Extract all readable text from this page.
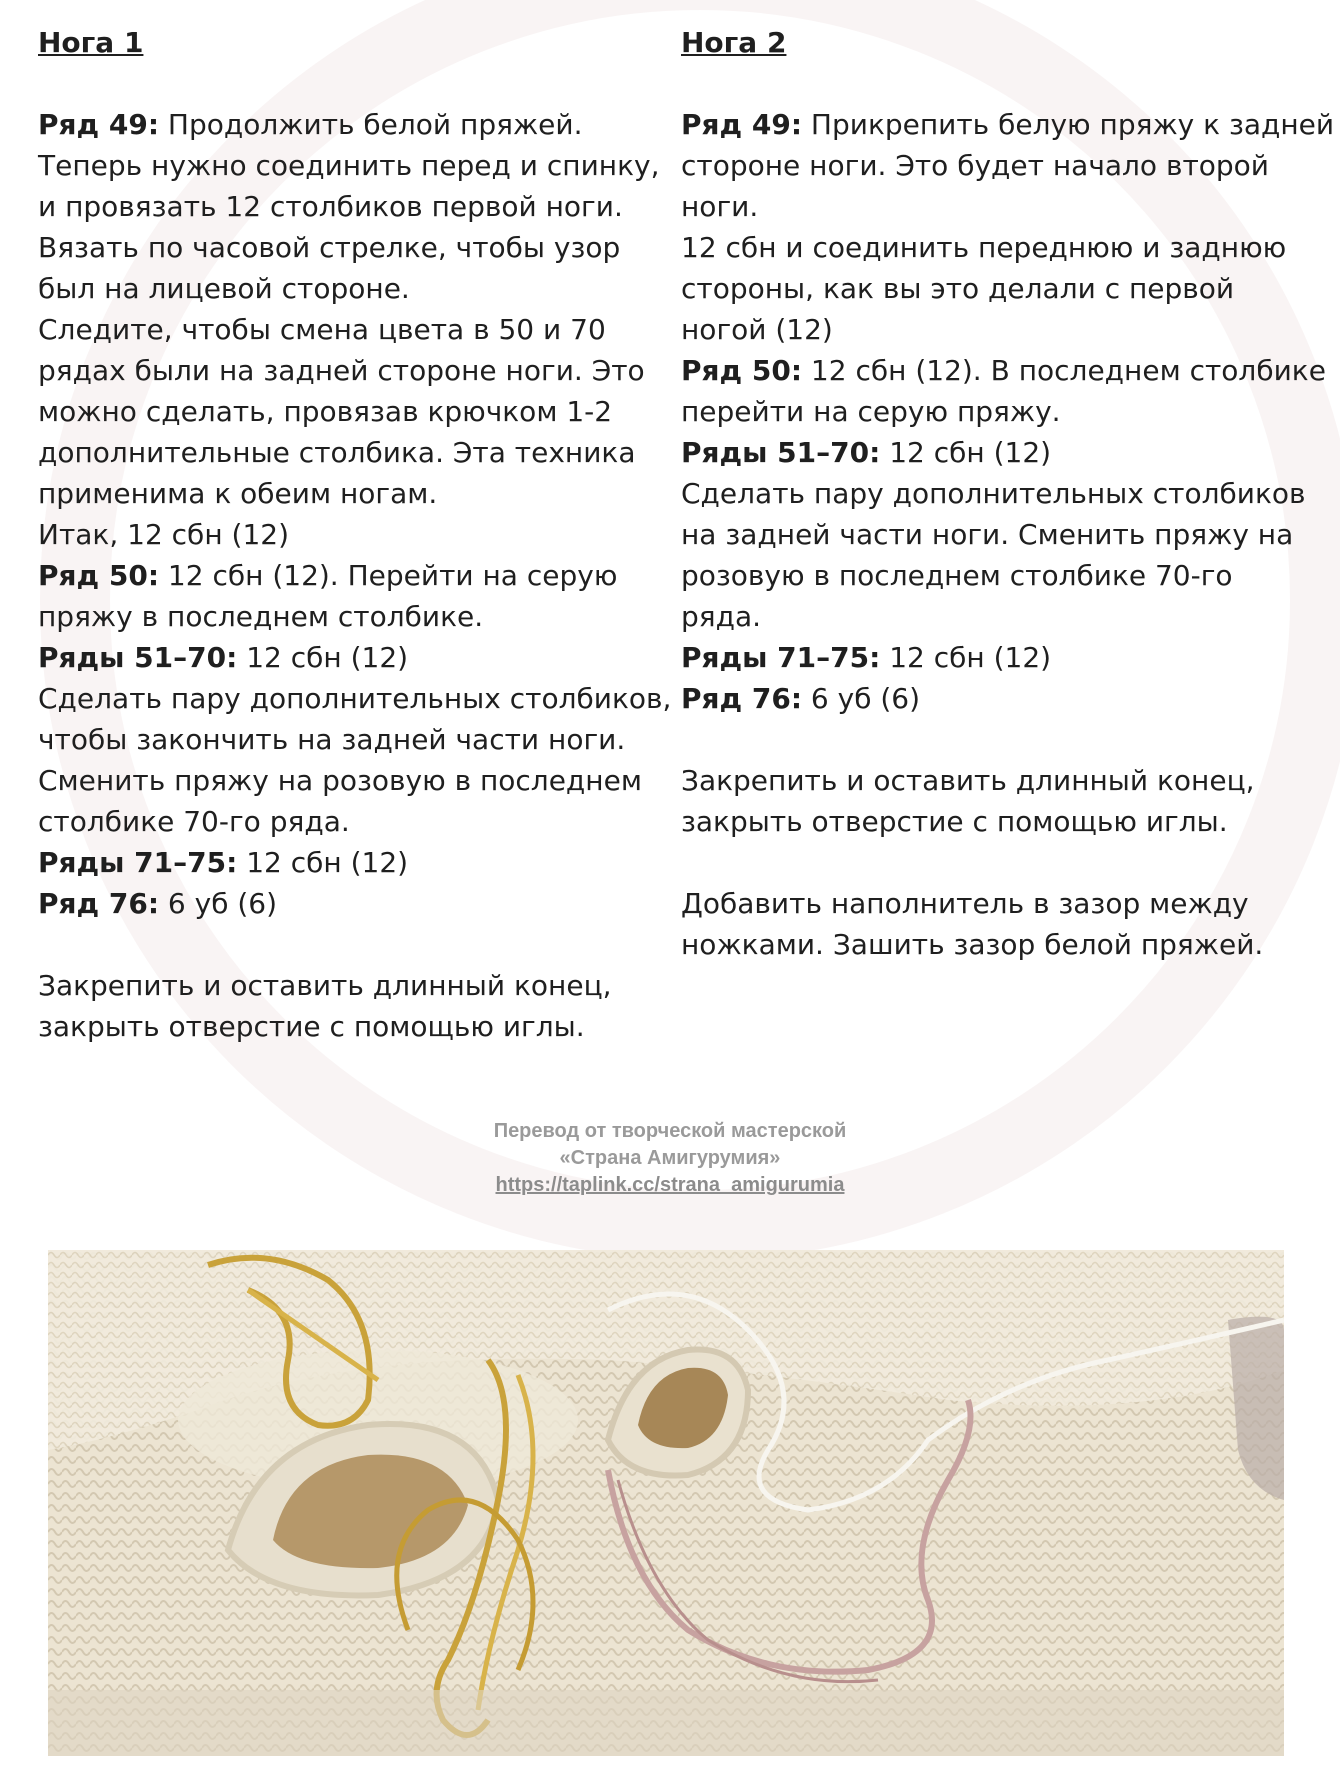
Нога 1
Ряд 49: Продолжить белой пряжей.
Теперь нужно соединить перед и спинку,
и провязать 12 столбиков первой ноги.
Вязать по часовой стрелке, чтобы узор
был на лицевой стороне.
Следите, чтобы смена цвета в 50 и 70
рядах были на задней стороне ноги. Это
можно сделать, провязав крючком 1-2
дополнительные столбика. Эта техника
применима к обеим ногам.
Итак, 12 сбн (12)
Ряд 50: 12 сбн (12). Перейти на серую
пряжу в последнем столбике.
Ряды 51–70: 12 сбн (12)
Сделать пару дополнительных столбиков,
чтобы закончить на задней части ноги.
Сменить пряжу на розовую в последнем
столбике 70-го ряда.
Ряды 71–75: 12 сбн (12)
Ряд 76: 6 уб (6)
Закрепить и оставить длинный конец,
закрыть отверстие с помощью иглы.
Нога 2
Ряд 49: Прикрепить белую пряжу к задней
стороне ноги. Это будет начало второй
ноги.
12 сбн и соединить переднюю и заднюю
стороны, как вы это делали с первой
ногой (12)
Ряд 50: 12 сбн (12). В последнем столбике
перейти на серую пряжу.
Ряды 51–70: 12 сбн (12)
Сделать пару дополнительных столбиков
на задней части ноги. Сменить пряжу на
розовую в последнем столбике 70-го
ряда.
Ряды 71–75: 12 сбн (12)
Ряд 76: 6 уб (6)
Закрепить и оставить длинный конец,
закрыть отверстие с помощью иглы.
Добавить наполнитель в зазор между
ножками. Зашить зазор белой пряжей.
Перевод от творческой мастерской
«Страна Амигурумия»
https://taplink.cc/strana_amigurumia
